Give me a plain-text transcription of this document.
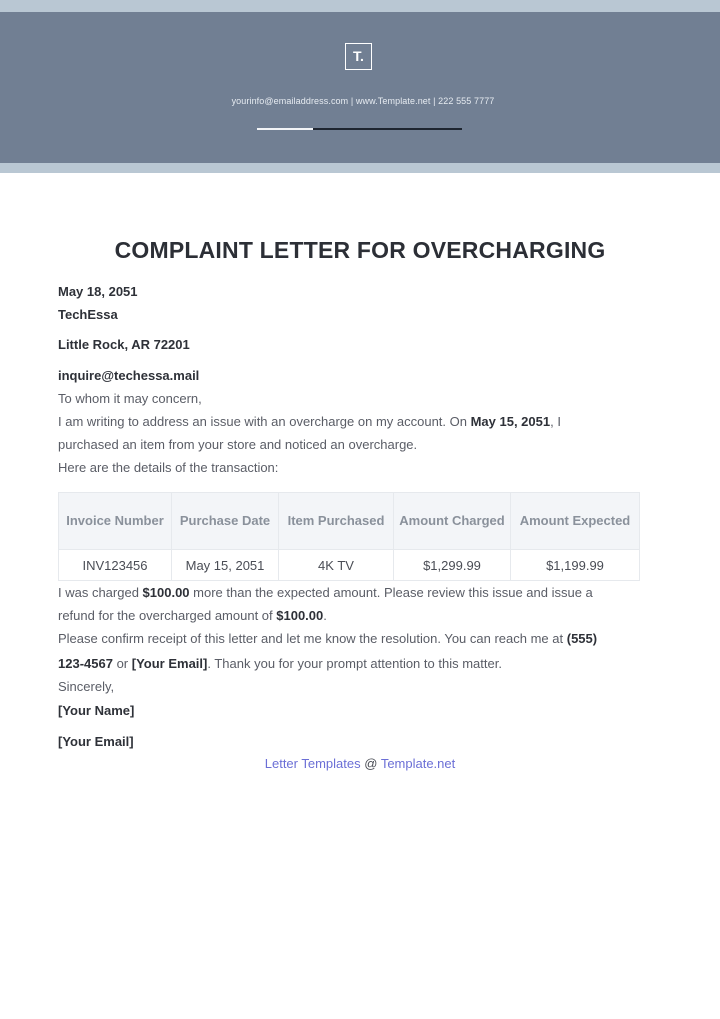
T.
yourinfo@emailaddress.com | www.Template.net | 222 555 7777
COMPLAINT LETTER FOR OVERCHARGING
May 18, 2051
TechEssa
Little Rock, AR 72201
inquire@techessa.mail
To whom it may concern,
I am writing to address an issue with an overcharge on my account. On May 15, 2051, I
purchased an item from your store and noticed an overcharge.
Here are the details of the transaction:
Invoice Number	Purchase Date	Item Purchased	Amount Charged	Amount Expected
INV123456	May 15, 2051	4K TV	$1,299.99	$1,199.99
I was charged $100.00 more than the expected amount. Please review this issue and issue a
refund for the overcharged amount of $100.00.
Please confirm receipt of this letter and let me know the resolution. You can reach me at (555)
123-4567 or [Your Email]. Thank you for your prompt attention to this matter.
Sincerely,
[Your Name]
[Your Email]
Letter Templates @ Template.net
